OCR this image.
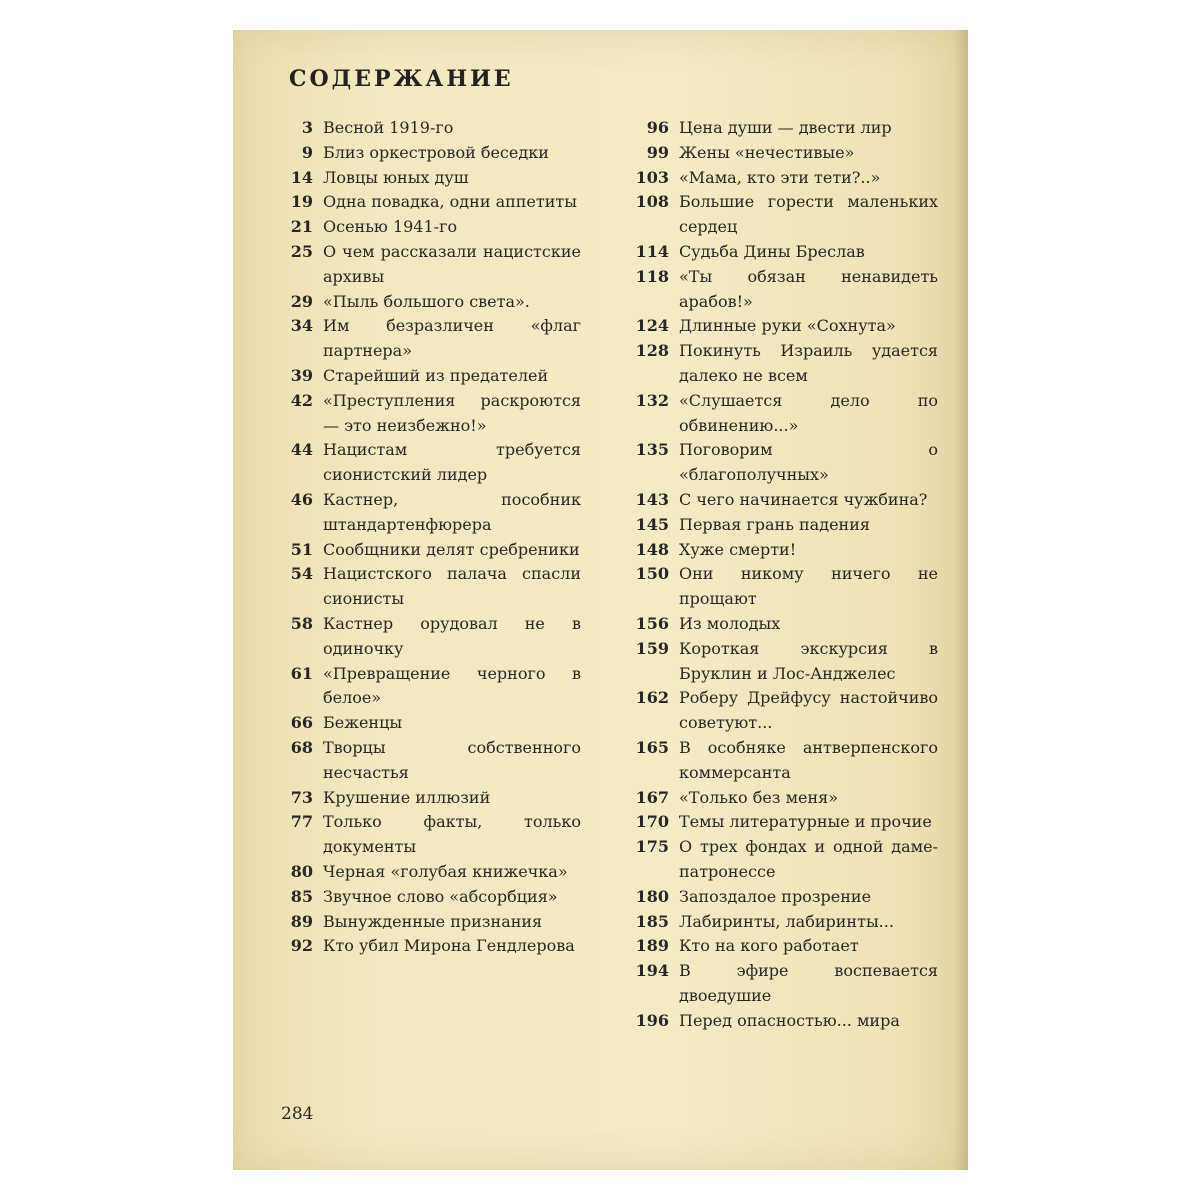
СОДЕРЖАНИЕ
3 Весной 1919-го
9 Близ оркестровой беседки
14 Ловцы юных душ
19 Одна повадка, одни аппетиты
21 Осенью 1941-го
25 О чем рассказали нацистские архивы
29 «Пыль большого света».
34 Им безразличен «флаг партнера»
39 Старейший из предателей
42 «Преступления раскроются — это неизбежно!»
44 Нацистам требуется сионистский лидер
46 Кастнер, пособник штандартенфюрера
51 Сообщники делят сребреники
54 Нацистского палача спасли сионисты
58 Кастнер орудовал не в одиночку
61 «Превращение черного в белое»
66 Беженцы
68 Творцы собственного несчастья
73 Крушение иллюзий
77 Только факты, только документы
80 Черная «голубая книжечка»
85 Звучное слово «абсорбция»
89 Вынужденные признания
92 Кто убил Мирона Гендлерова
96 Цена души — двести лир
99 Жены «нечестивые»
103 «Мама, кто эти тети?..»
108 Большие горести маленьких сердец
114 Судьба Дины Бреслав
118 «Ты обязан ненавидеть арабов!»
124 Длинные руки «Сохнута»
128 Покинуть Израиль удается далеко не всем
132 «Слушается дело по обвинению...»
135 Поговорим о «благополучных»
143 С чего начинается чужбина?
145 Первая грань падения
148 Хуже смерти!
150 Они никому ничего не прощают
156 Из молодых
159 Короткая экскурсия в Бруклин и Лос-Анджелес
162 Роберу Дрейфусу настойчиво советуют...
165 В особняке антверпенского коммерсанта
167 «Только без меня»
170 Темы литературные и прочие
175 О трех фондах и одной даме-патронессе
180 Запоздалое прозрение
185 Лабиринты, лабиринты...
189 Кто на кого работает
194 В эфире воспевается двоедушие
196 Перед опасностью... мира
284
